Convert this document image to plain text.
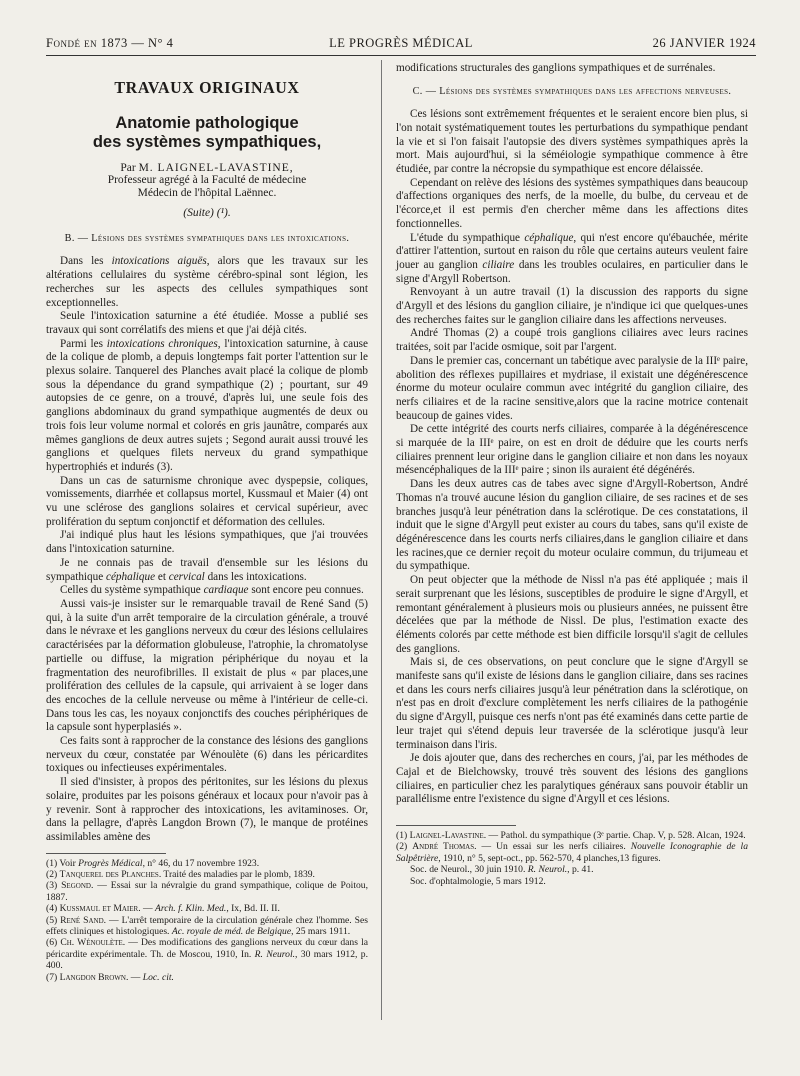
Fondé en 1873 — N° 4	LE PROGRÈS MÉDICAL	26 JANVIER 1924
TRAVAUX ORIGINAUX
Anatomie pathologique
des systèmes sympathiques,

Par M. LAIGNEL-LAVASTINE,

Professeur agrégé à la Faculté de médecine

Médecin de l'hôpital Laënnec.

(Suite) (¹).
B. — Lésions des systèmes sympathiques dans les intoxications.

Dans les intoxications aiguës, alors que les travaux sur les altérations cellulaires du système cérébro-spinal sont légion, les recherches sur les aspects des cellules sympathiques sont exceptionnelles.

Seule l'intoxication saturnine a été étudiée. Mosse a publié ses travaux qui sont corrélatifs des miens et que j'ai déjà cités.

Parmi les intoxications chroniques, l'intoxication saturnine, à cause de la colique de plomb, a depuis longtemps fait porter l'attention sur le plexus solaire. Tanquerel des Planches avait placé la colique de plomb sous la dépendance du grand sympathique (2) ; pourtant, sur 49 autopsies de ce genre, on a trouvé, d'après lui, une seule fois des ganglions abdominaux du grand sympathique augmentés de deux ou trois fois leur volume normal et colorés en gris jaunâtre, comparés aux mêmes ganglions de deux autres sujets ; Segond aurait aussi trouvé les ganglions et quelques filets nerveux du grand sympathique hypertrophiés et indurés (3).

Dans un cas de saturnisme chronique avec dyspepsie, coliques, vomissements, diarrhée et collapsus mortel, Kussmaul et Maier (4) ont vu une sclérose des ganglions solaires et cervical supérieur, avec prolifération du septum conjonctif et déformation des cellules.

J'ai indiqué plus haut les lésions sympathiques, que j'ai trouvées dans l'intoxication saturnine.

Je ne connais pas de travail d'ensemble sur les lésions du sympathique céphalique et cervical dans les intoxications.

Celles du système sympathique cardiaque sont encore peu connues.

Aussi vais-je insister sur le remarquable travail de René Sand (5) qui, à la suite d'un arrêt temporaire de la circulation générale, a trouvé dans le névraxe et les ganglions nerveux du cœur des lésions cellulaires caractérisées par la déformation globuleuse, l'atrophie, la chromatolyse partielle ou diffuse, la migration périphérique du noyau et la fragmentation des neurofibrilles. Il existait de plus « par places,une prolifération des cellules de la capsule, qui arrivaient à se loger dans des encoches de la cellule nerveuse ou même à l'intérieur de celle-ci. Dans tous les cas, les noyaux conjonctifs des couches périphériques de la capsule sont hyperplasiés ».

Ces faits sont à rapprocher de la constance des lésions des ganglions nerveux du cœur, constatée par Wénoulète (6) dans les péricardites toxiques ou infectieuses expérimentales.

Il sied d'insister, à propos des péritonites, sur les lésions du plexus solaire, produites par les poisons généraux et locaux pour n'avoir pas à y revenir. Sont à rapprocher des intoxications, les avitaminoses. Or, dans la pellagre, d'après Langdon Brown (7), le manque de protéines assimilables amène des

(1) Voir Progrès Médical, n° 46, du 17 novembre 1923.
(2) Tanquerel des Planches. Traité des maladies par le plomb, 1839.
(3) Segond. — Essai sur la névralgie du grand sympathique, colique de Poitou, 1887.
(4) Kussmaul et Maier. — Arch. f. Klin. Med., Ix, Bd. II. II.
(5) René Sand. — L'arrêt temporaire de la circulation générale chez l'homme. Ses effets cliniques et histologiques. Ac. royale de méd. de Belgique, 25 mars 1911.
(6) Ch. Wénoulète. — Des modifications des ganglions nerveux du cœur dans la péricardite expérimentale. Th. de Moscou, 1910, In. R. Neurol., 30 mars 1912, p. 400.
(7) Langdon Brown. — Loc. cit.

modifications structurales des ganglions sympathiques et de surrénales.

C. — Lésions des systèmes sympathiques dans les affections nerveuses.

Ces lésions sont extrêmement fréquentes et le seraient encore bien plus, si l'on notait systématiquement toutes les perturbations du sympathique pendant la vie et si l'on faisait l'autopsie des divers systèmes sympathiques après la mort. Mais aujourd'hui, si la séméiologie sympathique commence à être étudiée, par contre la nécropsie du sympathique est encore délaissée.

Cependant on relève des lésions des systèmes sympathiques dans beaucoup d'affections organiques des nerfs, de la moelle, du bulbe, du cerveau et de l'écorce,et il est permis d'en chercher même dans les affections dites fonctionnelles.

L'étude du sympathique céphalique, qui n'est encore qu'ébauchée, mérite d'attirer l'attention, surtout en raison du rôle que certains auteurs veulent faire jouer au ganglion ciliaire dans les troubles oculaires, en particulier dans le signe d'Argyll Robertson.

Renvoyant à un autre travail (1) la discussion des rapports du signe d'Argyll et des lésions du ganglion ciliaire, je n'indique ici que quelques-unes des recherches faites sur le ganglion ciliaire dans les affections nerveuses.

André Thomas (2) a coupé trois ganglions ciliaires avec leurs racines traitées, soit par l'acide osmique, soit par l'argent.

Dans le premier cas, concernant un tabétique avec paralysie de la IIIᵉ paire, abolition des réflexes pupillaires et mydriase, il existait une dégénérescence énorme du moteur oculaire commun avec intégrité du ganglion ciliaire, des nerfs ciliaires et de la racine sensitive,alors que la racine motrice contenait beaucoup de gaines vides.

De cette intégrité des courts nerfs ciliaires, comparée à la dégénérescence si marquée de la IIIᵉ paire, on est en droit de déduire que les courts nerfs ciliaires prennent leur origine dans le ganglion ciliaire et non dans les noyaux mésencéphaliques de la IIIᵉ paire ; sinon ils auraient été dégénérés.

Dans les deux autres cas de tabes avec signe d'Argyll-Robertson, André Thomas n'a trouvé aucune lésion du ganglion ciliaire, de ses racines et de ses branches jusqu'à leur pénétration dans la sclérotique. De ces constatations, il induit que le signe d'Argyll peut exister au cours du tabes, sans qu'il existe de dégénérescence dans les courts nerfs ciliaires,dans le ganglion ciliaire et dans les racines,que ce dernier reçoit du moteur oculaire commun, du trijumeau et du sympathique.

On peut objecter que la méthode de Nissl n'a pas été appliquée ; mais il serait surprenant que les lésions, susceptibles de produire le signe d'Argyll, et remontant généralement à plusieurs mois ou plusieurs années, ne puissent être décelées que par la méthode de Nissl. De plus, l'estimation exacte des éléments colorés par cette méthode est bien difficile lorsqu'il s'agit de cellules des ganglions.

Mais si, de ces observations, on peut conclure que le signe d'Argyll se manifeste sans qu'il existe de lésions dans le ganglion ciliaire, dans ses racines et dans les cours nerfs ciliaires jusqu'à leur pénétration dans la sclérotique, on n'est pas en droit d'exclure complètement les nerfs ciliaires de la pathogénie du signe d'Argyll, puisque ces nerfs n'ont pas été examinés dans cette partie de leur trajet qui s'étend depuis leur traversée de la sclérotique jusqu'à leur terminaison dans l'iris.

Je dois ajouter que, dans des recherches en cours, j'ai, par les méthodes de Cajal et de Bielchowsky, trouvé très souvent des lésions des ganglions ciliaires, en particulier chez les paralytiques généraux sans pouvoir établir un parallélisme entre l'existence du signe d'Argyll et ces lésions.

(1) Laignel-Lavastine. — Pathol. du sympathique (3ᵉ partie. Chap. V, p. 528. Alcan, 1924.
(2) André Thomas. — Un essai sur les nerfs ciliaires. Nouvelle Iconographie de la Salpêtrière, 1910, n° 5, sept-oct., pp. 562-570, 4 planches,13 figures.
Soc. de Neurol., 30 juin 1910. R. Neurol., p. 41.
Soc. d'ophtalmologie, 5 mars 1912.
